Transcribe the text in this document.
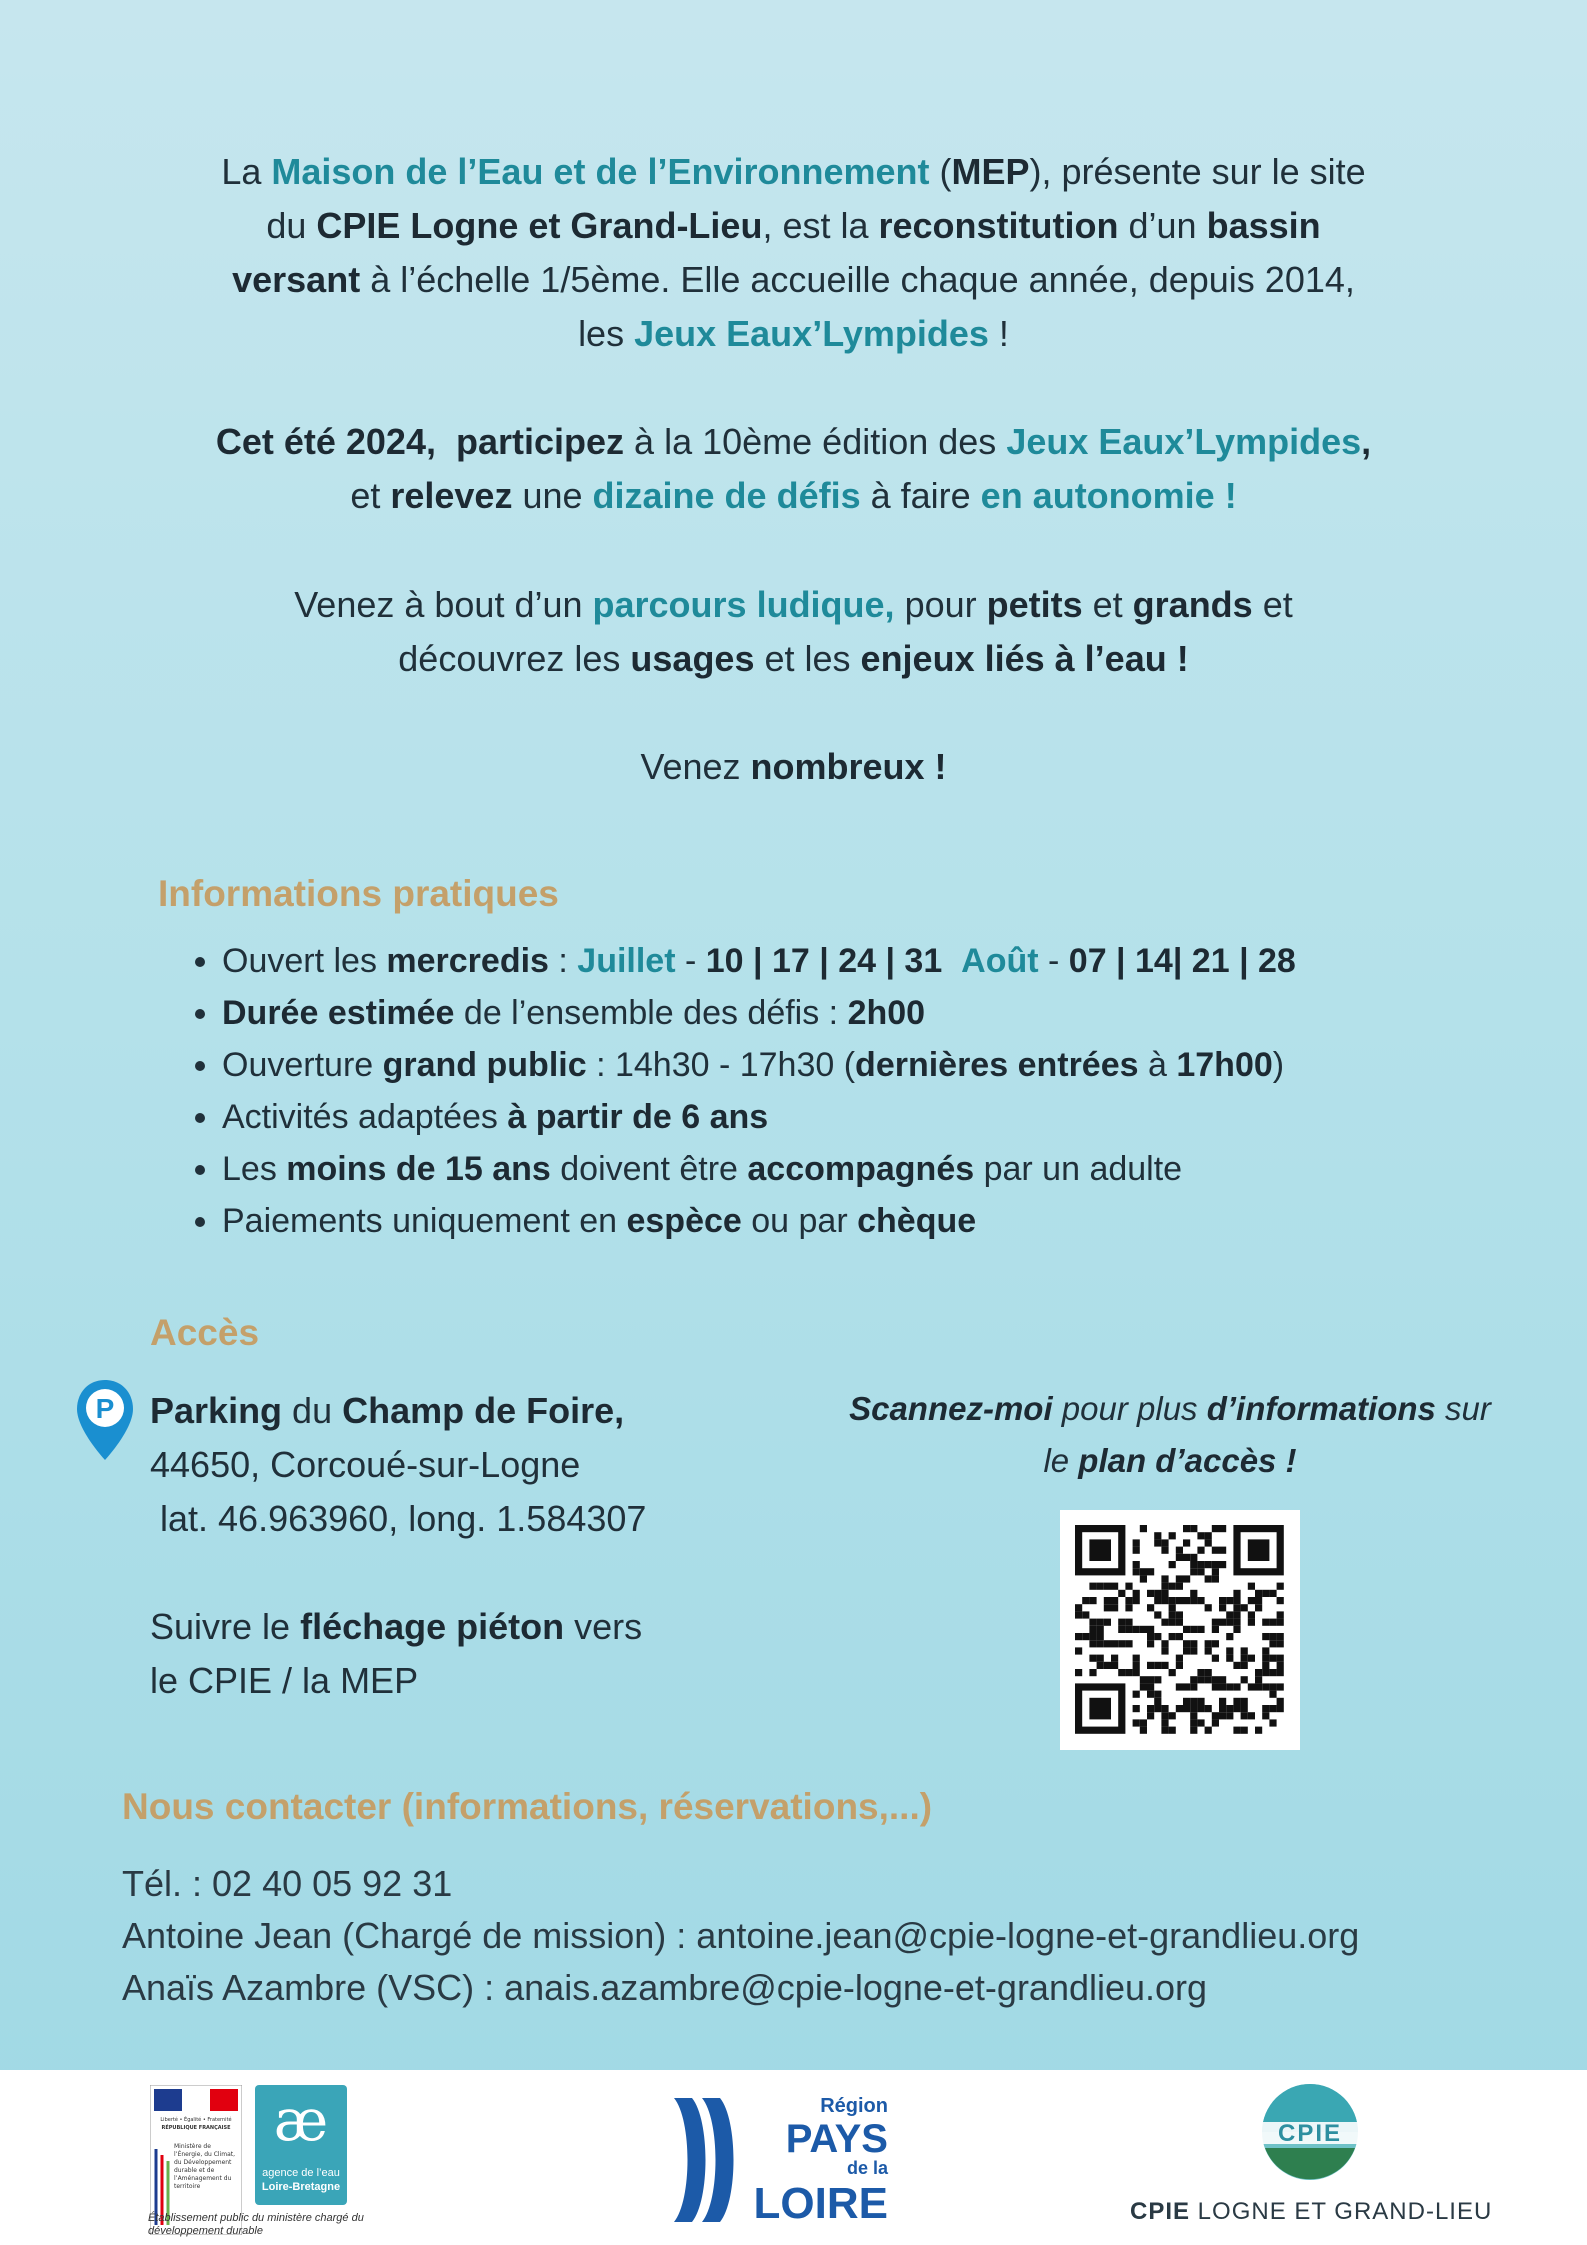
La Maison de l’Eau et de l’Environnement (MEP), présente sur le site
du CPIE Logne et Grand-Lieu, est la reconstitution d’un bassin
versant à l’échelle 1/5ème. Elle accueille chaque année, depuis 2014,
les Jeux Eaux’Lympides !
Cet été 2024, participez à la 10ème édition des Jeux Eaux’Lympides,
et relevez une dizaine de défis à faire en autonomie !
Venez à bout d’un parcours ludique, pour petits et grands et
découvrez les usages et les enjeux liés à l’eau !
Venez nombreux !
Informations pratiques
• Ouvert les mercredis : Juillet - 10 | 17 | 24 | 31 Août - 07 | 14| 21 | 28
• Durée estimée de l’ensemble des défis : 2h00
• Ouverture grand public : 14h30 - 17h30 (dernières entrées à 17h00)
• Activités adaptées à partir de 6 ans
• Les moins de 15 ans doivent être accompagnés par un adulte
• Paiements uniquement en espèce ou par chèque
Accès
P Parking du Champ de Foire,
44650, Corcoué-sur-Logne
lat. 46.963960, long. 1.584307
Suivre le fléchage piéton vers
le CPIE / la MEP
Scannez-moi pour plus d’informations sur
le plan d’accès !
Nous contacter (informations, réservations,...)
Tél. : 02 40 05 92 31
Antoine Jean (Chargé de mission) : antoine.jean@cpie-logne-et-grandlieu.org
Anaïs Azambre (VSC) : anais.azambre@cpie-logne-et-grandlieu.org
Liberté • Égalité • Fraternité
RÉPUBLIQUE FRANÇAISE
Ministère de l’Énergie, du Climat, du Développement durable et de l’Aménagement du territoire
æ
agence de l’eau
Loire-Bretagne
Établissement public du ministère chargé du développement durable
Région
PAYS
de la
LOIRE
CPIE
CPIE LOGNE ET GRAND-LIEU
